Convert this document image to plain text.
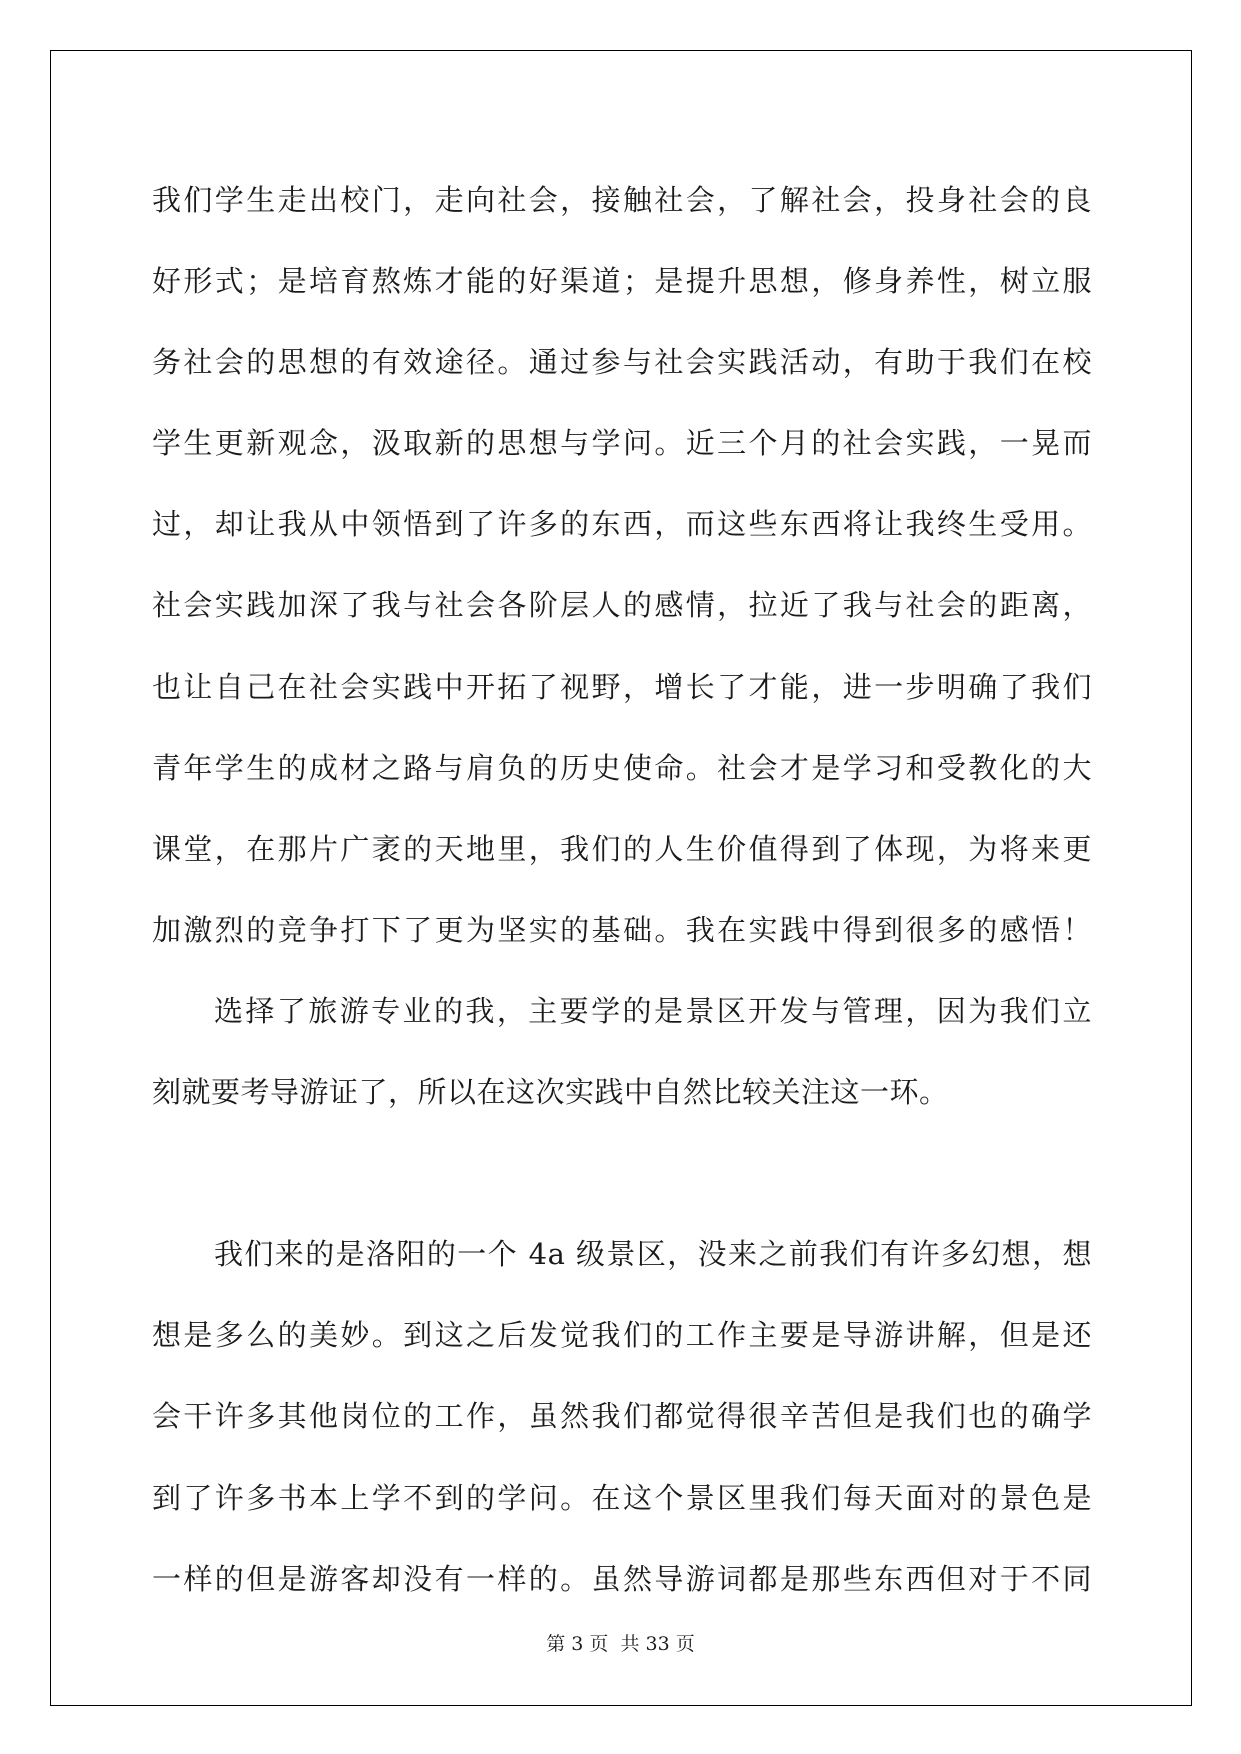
我们学生走出校门，走向社会，接触社会，了解社会，投身社会的良
好形式；是培育熬炼才能的好渠道；是提升思想，修身养性，树立服
务社会的思想的有效途径。通过参与社会实践活动，有助于我们在校
学生更新观念，汲取新的思想与学问。近三个月的社会实践，一晃而
过，却让我从中领悟到了许多的东西，而这些东西将让我终生受用。
社会实践加深了我与社会各阶层人的感情，拉近了我与社会的距离，
也让自己在社会实践中开拓了视野，增长了才能，进一步明确了我们
青年学生的成材之路与肩负的历史使命。社会才是学习和受教化的大
课堂，在那片广袤的天地里，我们的人生价值得到了体现，为将来更
加激烈的竞争打下了更为坚实的基础。我在实践中得到很多的感悟！
选择了旅游专业的我，主要学的是景区开发与管理，因为我们立
刻就要考导游证了，所以在这次实践中自然比较关注这一环。
我们来的是洛阳的一个 4a 级景区，没来之前我们有许多幻想，想
想是多么的美妙。到这之后发觉我们的工作主要是导游讲解，但是还
会干许多其他岗位的工作，虽然我们都觉得很辛苦但是我们也的确学
到了许多书本上学不到的学问。在这个景区里我们每天面对的景色是
一样的但是游客却没有一样的。虽然导游词都是那些东西但对于不同
第 3 页 共 33 页
